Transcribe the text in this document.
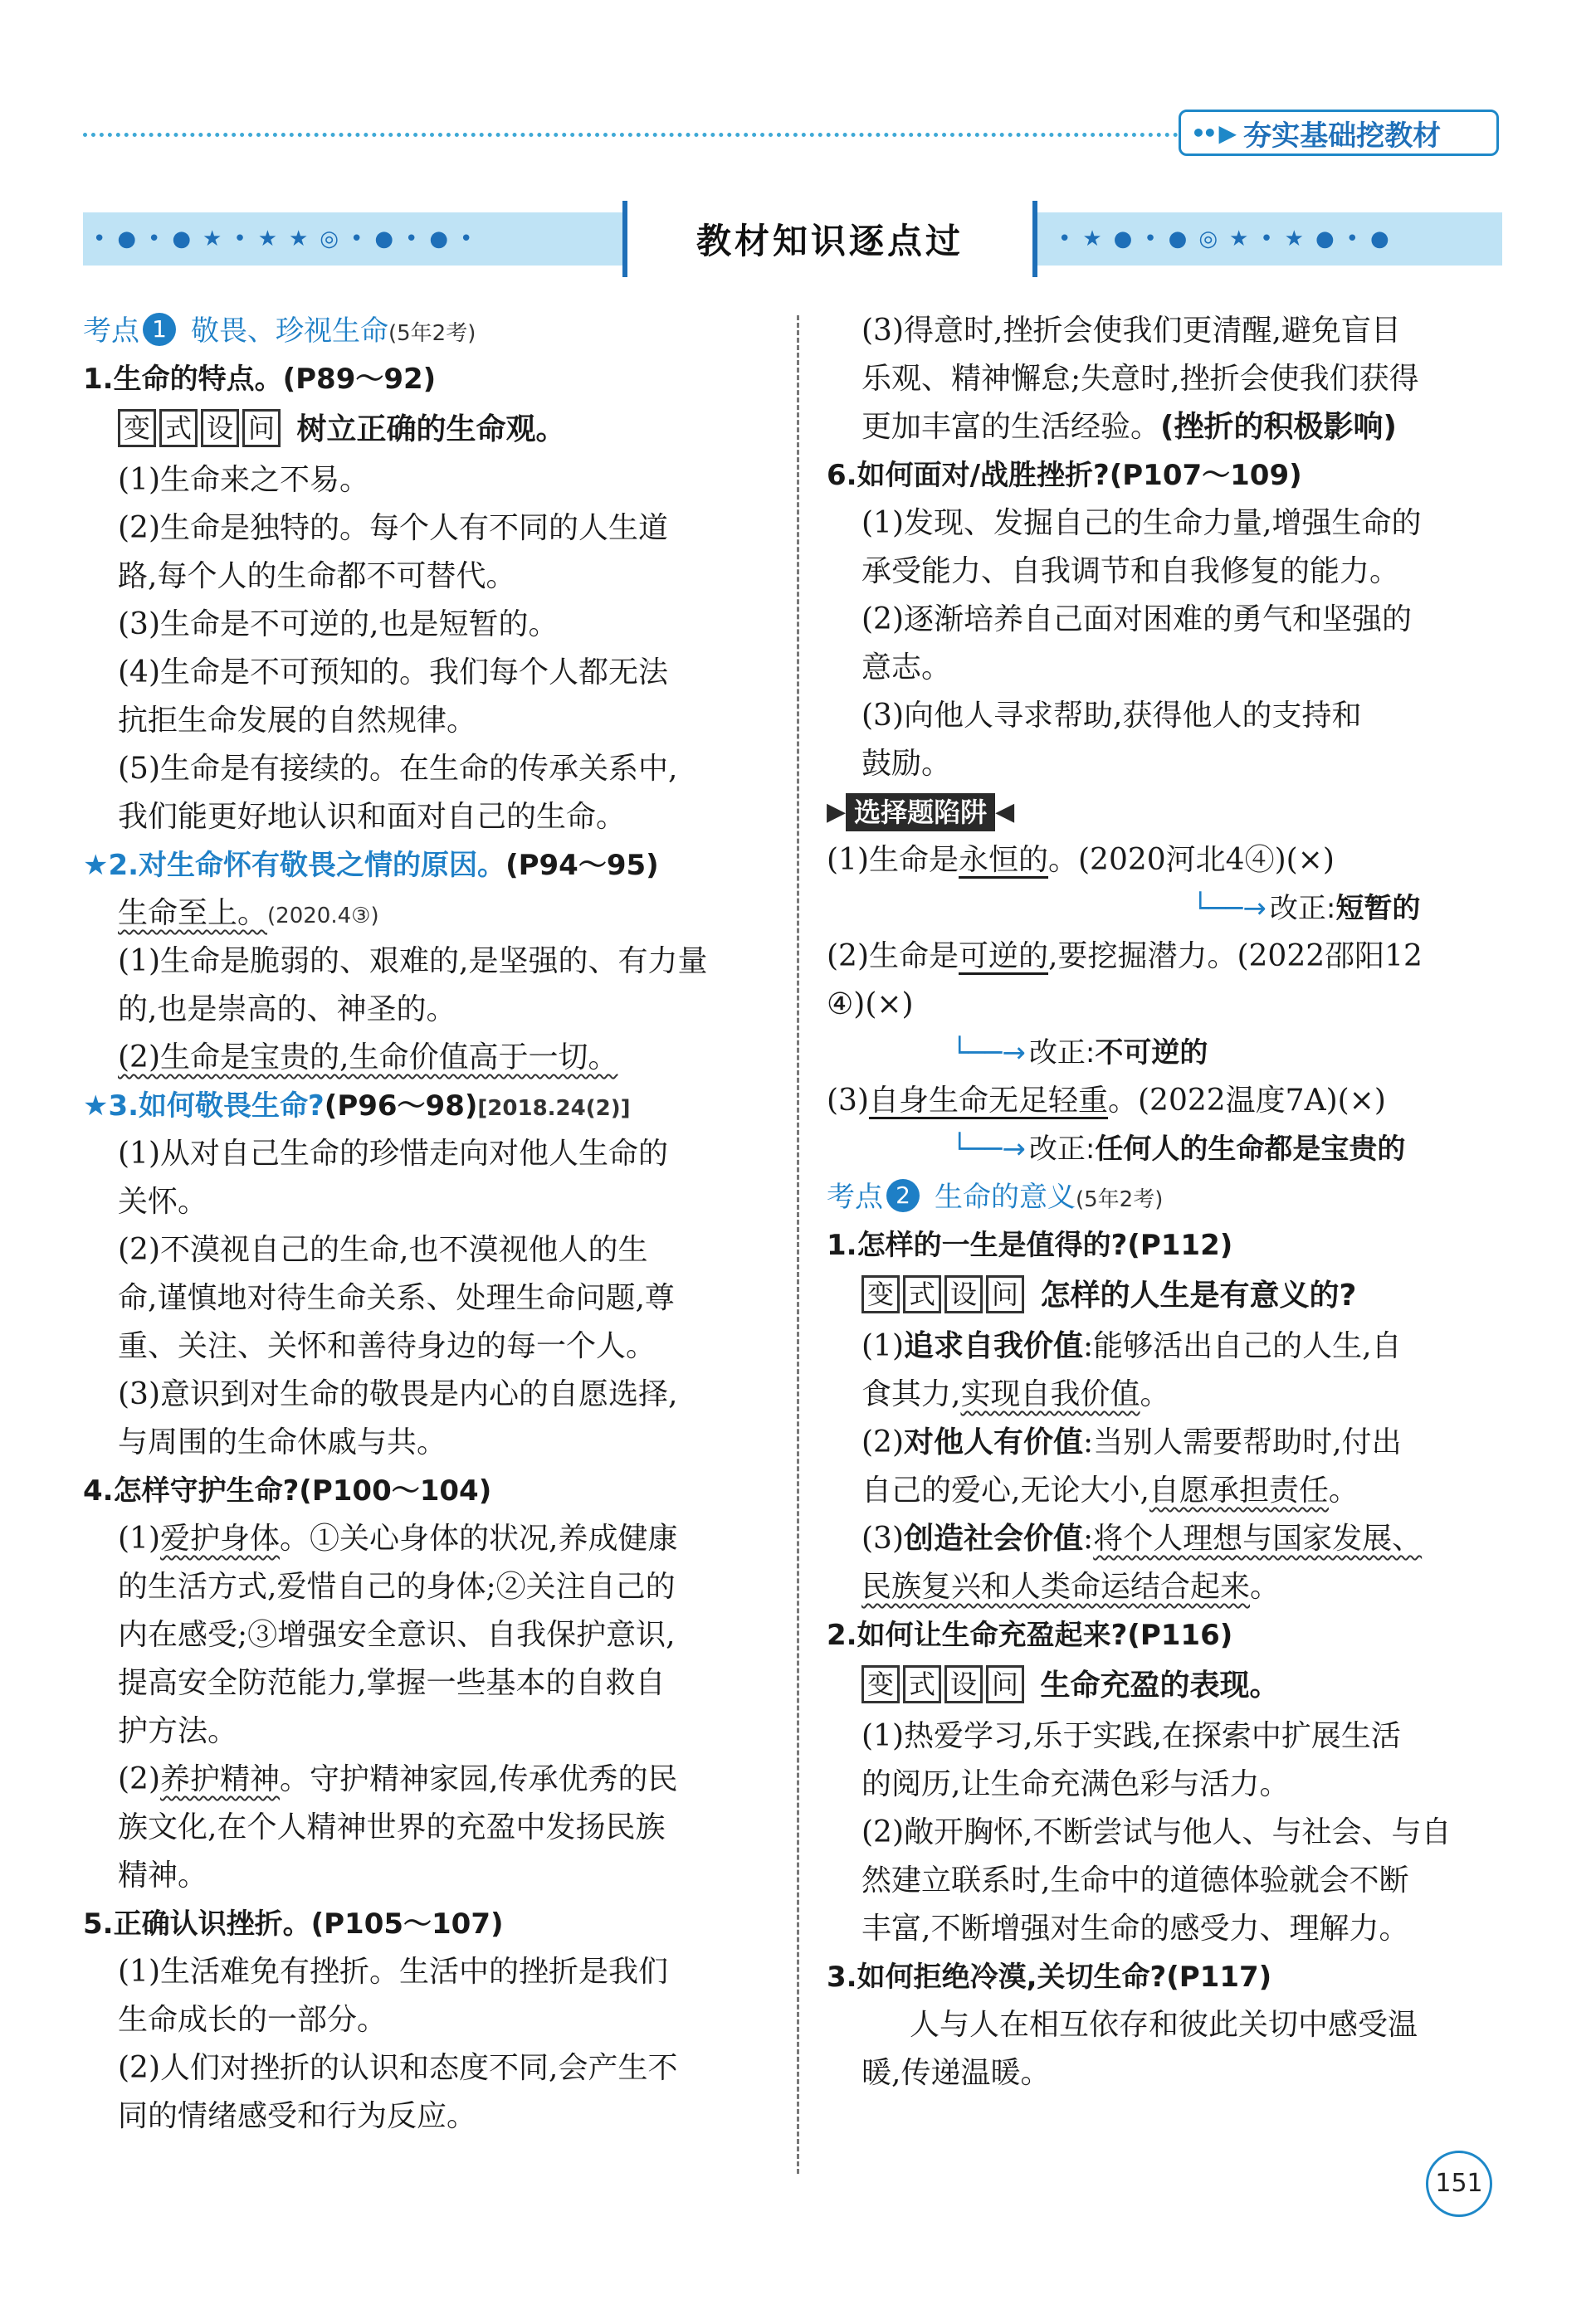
•• ▶ 夯实基础挖教材
•●•●★•★★◎•●•●•	教材知识逐点过	•★●•●◎★•★●•●
考点 1 敬畏、珍视生命(5年2考)
1.生命的特点。(P89～92)
变 式 设 问 树立正确的生命观。
(1)生命来之不易。
(2)生命是独特的。每个人有不同的人生道
路,每个人的生命都不可替代。
(3)生命是不可逆的,也是短暂的。
(4)生命是不可预知的。我们每个人都无法
抗拒生命发展的自然规律。
(5)生命是有接续的。在生命的传承关系中,
我们能更好地认识和面对自己的生命。
★2.对生命怀有敬畏之情的原因。(P94～95)
生命至上。(2020.4③)
(1)生命是脆弱的、艰难的,是坚强的、有力量
的,也是崇高的、神圣的。
(2)生命是宝贵的,生命价值高于一切。
★3.如何敬畏生命?(P96～98)[2018.24(2)]
(1)从对自己生命的珍惜走向对他人生命的
关怀。
(2)不漠视自己的生命,也不漠视他人的生
命,谨慎地对待生命关系、处理生命问题,尊
重、关注、关怀和善待身边的每一个人。
(3)意识到对生命的敬畏是内心的自愿选择,
与周围的生命休戚与共。
4.怎样守护生命?(P100～104)
(1)爱护身体。①关心身体的状况,养成健康
的生活方式,爱惜自己的身体;②关注自己的
内在感受;③增强安全意识、自我保护意识,
提高安全防范能力,掌握一些基本的自救自
护方法。
(2)养护精神。守护精神家园,传承优秀的民
族文化,在个人精神世界的充盈中发扬民族
精神。
5.正确认识挫折。(P105～107)
(1)生活难免有挫折。生活中的挫折是我们
生命成长的一部分。
(2)人们对挫折的认识和态度不同,会产生不
同的情绪感受和行为反应。
(3)得意时,挫折会使我们更清醒,避免盲目
乐观、精神懈怠;失意时,挫折会使我们获得
更加丰富的生活经验。(挫折的积极影响)
6.如何面对/战胜挫折?(P107～109)
(1)发现、发掘自己的生命力量,增强生命的
承受能力、自我调节和自我修复的能力。
(2)逐渐培养自己面对困难的勇气和坚强的
意志。
(3)向他人寻求帮助,获得他人的支持和
鼓励。
▶ 选择题陷阱 ◀
(1)生命是永恒的。(2020河北4④)(×)
└──→ 改正:短暂的
(2)生命是可逆的,要挖掘潜力。(2022邵阳12
④)(×)
└──→ 改正:不可逆的
(3)自身生命无足轻重。(2022温度7A)(×)
└──→ 改正:任何人的生命都是宝贵的
考点 2 生命的意义(5年2考)
1.怎样的一生是值得的?(P112)
变 式 设 问 怎样的人生是有意义的?
(1)追求自我价值:能够活出自己的人生,自
食其力,实现自我价值。
(2)对他人有价值:当别人需要帮助时,付出
自己的爱心,无论大小,自愿承担责任。
(3)创造社会价值:将个人理想与国家发展、
民族复兴和人类命运结合起来。
2.如何让生命充盈起来?(P116)
变 式 设 问 生命充盈的表现。
(1)热爱学习,乐于实践,在探索中扩展生活
的阅历,让生命充满色彩与活力。
(2)敞开胸怀,不断尝试与他人、与社会、与自
然建立联系时,生命中的道德体验就会不断
丰富,不断增强对生命的感受力、理解力。
3.如何拒绝冷漠,关切生命?(P117)
人与人在相互依存和彼此关切中感受温
暖,传递温暖。
151
